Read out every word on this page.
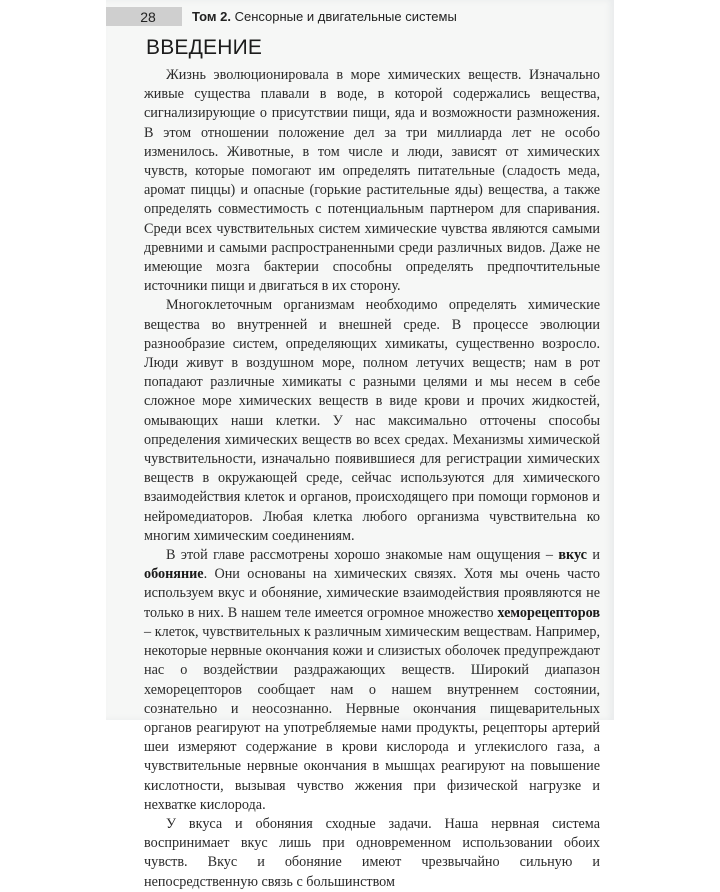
28	Том 2. Сенсорные и двигательные системы
ВВЕДЕНИЕ

Жизнь эволюционировала в море химических веществ. Изначально живые существа плавали в воде, в которой содержались вещества, сигнализирующие о присутствии пищи, яда и возможности размножения. В этом отношении положение дел за три миллиарда лет не особо изменилось. Животные, в том числе и люди, зависят от химических чувств, которые помогают им определять питательные (сладость меда, аромат пиццы) и опасные (горькие растительные яды) вещества, а также определять совместимость с потенциальным партнером для спаривания. Среди всех чувствительных систем химические чувства являются самыми древними и самыми распространенными среди различных видов. Даже не имеющие мозга бактерии способны определять предпочтительные источники пищи и двигаться в их сторону.

Многоклеточным организмам необходимо определять химические вещества во внутренней и внешней среде. В процессе эволюции разнообразие систем, определяющих химикаты, существенно возросло. Люди живут в воздушном море, полном летучих веществ; нам в рот попадают различные химикаты с разными целями и мы несем в себе сложное море химических веществ в виде крови и прочих жидкостей, омывающих наши клетки. У нас максимально отточены способы определения химических веществ во всех средах. Механизмы химической чувствительности, изначально появившиеся для регистрации химических веществ в окружающей среде, сейчас используются для химического взаимодействия клеток и органов, происходящего при помощи гормонов и нейромедиаторов. Любая клетка любого организма чувствительна ко многим химическим соединениям.

В этой главе рассмотрены хорошо знакомые нам ощущения – вкус и обоняние. Они основаны на химических связях. Хотя мы очень часто используем вкус и обоняние, химические взаимодействия проявляются не только в них. В нашем теле имеется огромное множество хеморецепторов – клеток, чувствительных к различным химическим веществам. Например, некоторые нервные окончания кожи и слизистых оболочек предупреждают нас о воздействии раздражающих веществ. Широкий диапазон хеморецепторов сообщает нам о нашем внутреннем состоянии, сознательно и неосознанно. Нервные окончания пищеварительных органов реагируют на употребляемые нами продукты, рецепторы артерий шеи измеряют содержание в крови кислорода и углекислого газа, а чувствительные нервные окончания в мышцах реагируют на повышение кислотности, вызывая чувство жжения при физической нагрузке и нехватке кислорода.

У вкуса и обоняния сходные задачи. Наша нервная система воспринимает вкус лишь при одновременном использовании обоих чувств. Вкус и обоняние имеют чрезвычайно сильную и непосредственную связь с большинством
